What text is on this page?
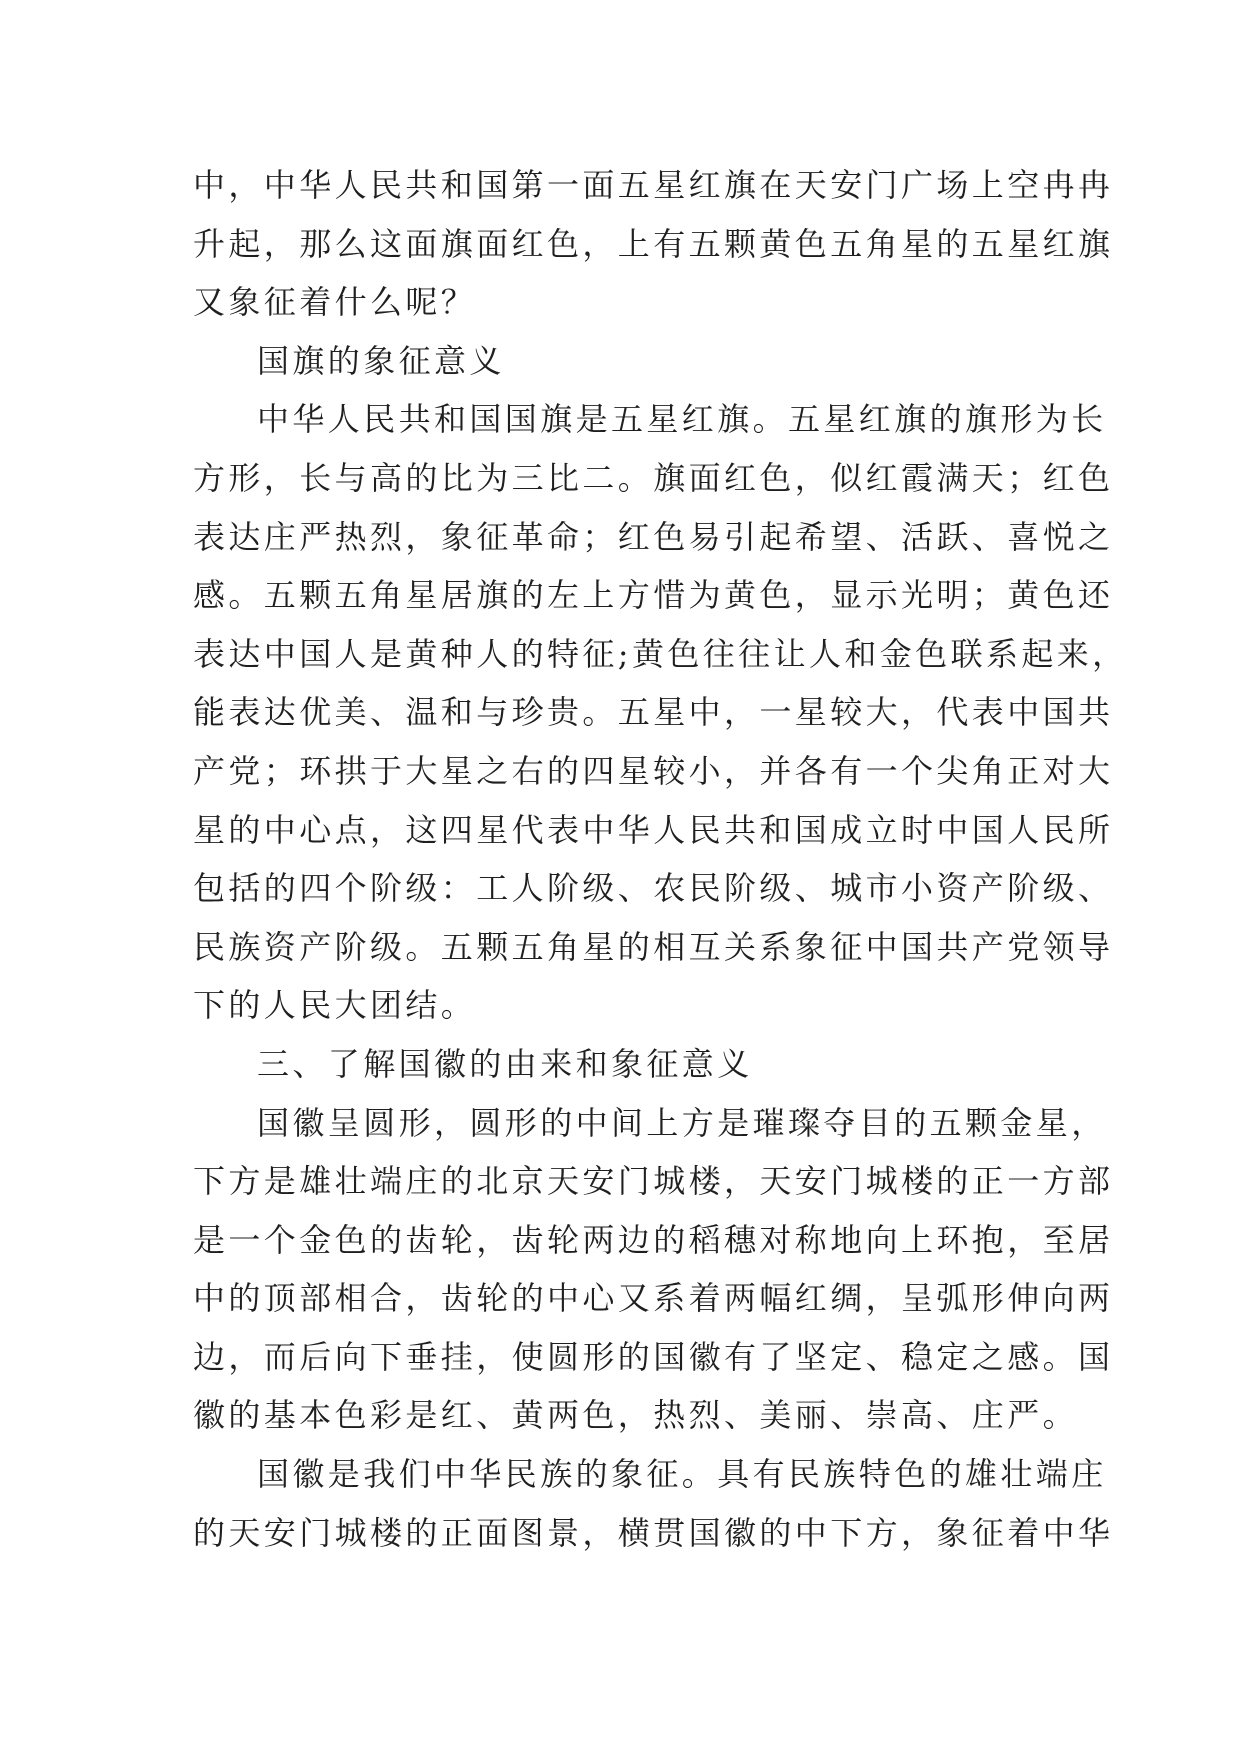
中，中华人民共和国第一面五星红旗在天安门广场上空冉冉
升起，那么这面旗面红色，上有五颗黄色五角星的五星红旗
又象征着什么呢？
国旗的象征意义
中华人民共和国国旗是五星红旗。五星红旗的旗形为长
方形，长与高的比为三比二。旗面红色，似红霞满天；红色
表达庄严热烈，象征革命；红色易引起希望、活跃、喜悦之
感。五颗五角星居旗的左上方惜为黄色，显示光明；黄色还
表达中国人是黄种人的特征;黄色往往让人和金色联系起来，
能表达优美、温和与珍贵。五星中，一星较大，代表中国共
产党；环拱于大星之右的四星较小，并各有一个尖角正对大
星的中心点，这四星代表中华人民共和国成立时中国人民所
包括的四个阶级：工人阶级、农民阶级、城市小资产阶级、
民族资产阶级。五颗五角星的相互关系象征中国共产党领导
下的人民大团结。
三、了解国徽的由来和象征意义
国徽呈圆形，圆形的中间上方是璀璨夺目的五颗金星，
下方是雄壮端庄的北京天安门城楼，天安门城楼的正一方部
是一个金色的齿轮，齿轮两边的稻穗对称地向上环抱，至居
中的顶部相合，齿轮的中心又系着两幅红绸，呈弧形伸向两
边，而后向下垂挂，使圆形的国徽有了坚定、稳定之感。国
徽的基本色彩是红、黄两色，热烈、美丽、崇高、庄严。
国徽是我们中华民族的象征。具有民族特色的雄壮端庄
的天安门城楼的正面图景，横贯国徽的中下方，象征着中华
